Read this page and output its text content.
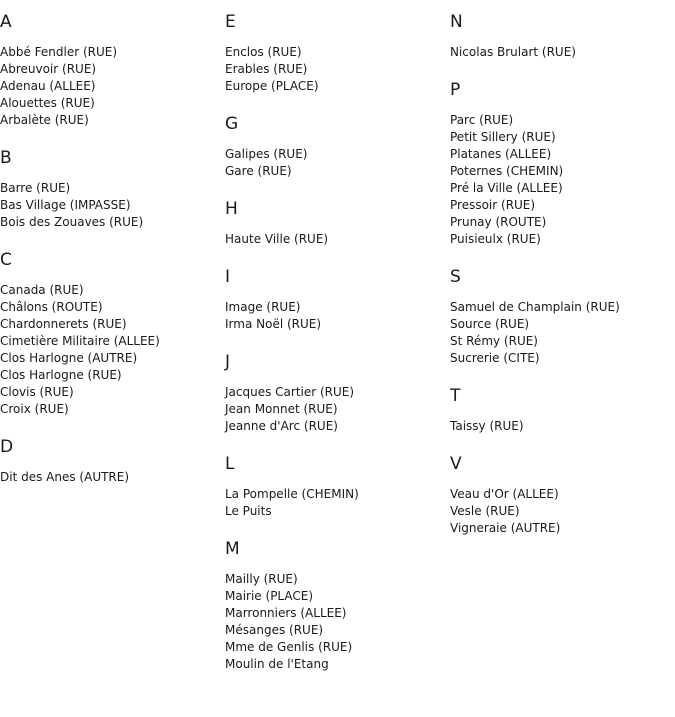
A
Abbé Fendler (RUE)
Abreuvoir (RUE)
Adenau (ALLEE)
Alouettes (RUE)
Arbalète (RUE)
B
Barre (RUE)
Bas Village (IMPASSE)
Bois des Zouaves (RUE)
C
Canada (RUE)
Châlons (ROUTE)
Chardonnerets (RUE)
Cimetière Militaire (ALLEE)
Clos Harlogne (AUTRE)
Clos Harlogne (RUE)
Clovis (RUE)
Croix (RUE)
D
Dit des Anes (AUTRE)
E
Enclos (RUE)
Erables (RUE)
Europe (PLACE)
G
Galipes (RUE)
Gare (RUE)
H
Haute Ville (RUE)
I
Image (RUE)
Irma Noël (RUE)
J
Jacques Cartier (RUE)
Jean Monnet (RUE)
Jeanne d'Arc (RUE)
L
La Pompelle (CHEMIN)
Le Puits
M
Mailly (RUE)
Mairie (PLACE)
Marronniers (ALLEE)
Mésanges (RUE)
Mme de Genlis (RUE)
Moulin de l'Etang
N
Nicolas Brulart (RUE)
P
Parc (RUE)
Petit Sillery (RUE)
Platanes (ALLEE)
Poternes (CHEMIN)
Pré la Ville (ALLEE)
Pressoir (RUE)
Prunay (ROUTE)
Puisieulx (RUE)
S
Samuel de Champlain (RUE)
Source (RUE)
St Rémy (RUE)
Sucrerie (CITE)
T
Taissy (RUE)
V
Veau d'Or (ALLEE)
Vesle (RUE)
Vigneraie (AUTRE)
